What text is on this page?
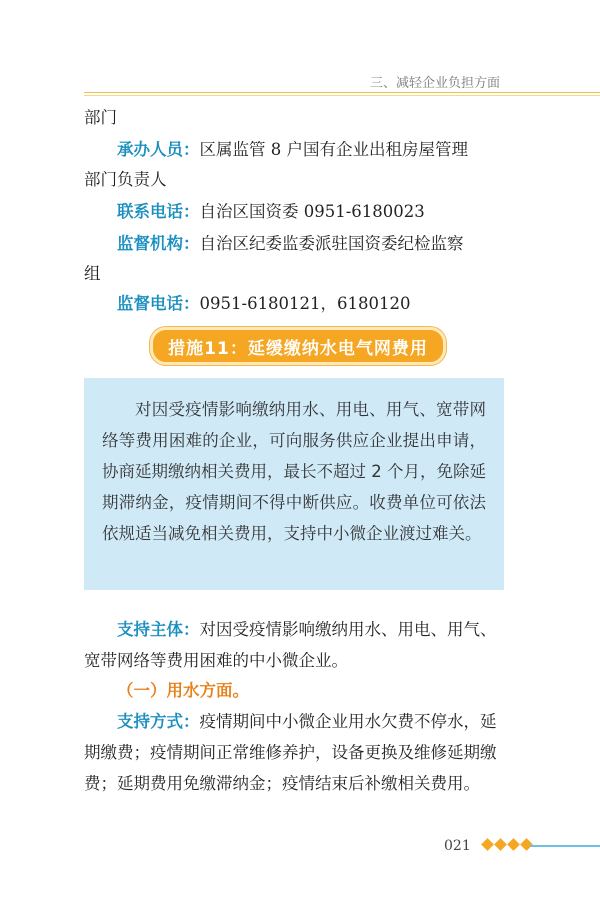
三、减轻企业负担方面
部门
承办人员：区属监管 8 户国有企业出租房屋管理

部门负责人
联系电话：自治区国资委 0951-6180023
监督机构：自治区纪委监委派驻国资委纪检监察
组
监督电话：0951-6180121，6180120
措施11：延缓缴纳水电气网费用

对因受疫情影响缴纳用水、用电、用气、宽带网络等费用困难的企业，可向服务供应企业提出申请，协商延期缴纳相关费用，最长不超过 2 个月，免除延期滞纳金，疫情期间不得中断供应。收费单位可依法依规适当减免相关费用，支持中小微企业渡过难关。

支持主体：对因受疫情影响缴纳用水、用电、用气、宽带网络等费用困难的中小微企业。
（一）用水方面。
支持方式：疫情期间中小微企业用水欠费不停水，延期缴费；疫情期间正常维修养护，设备更换及维修延期缴费；延期费用免缴滞纳金；疫情结束后补缴相关费用。
021
